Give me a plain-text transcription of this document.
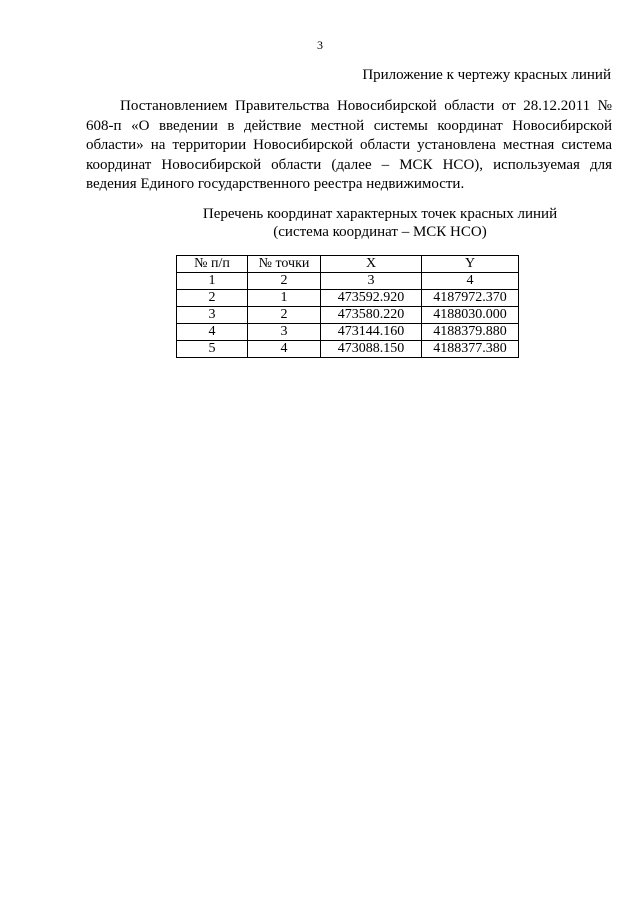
3
Приложение к чертежу красных линий

Постановлением Правительства Новосибирской области от 28.12.2011 № 608-п «О введении в действие местной системы координат Новосибирской области» на территории Новосибирской области установлена местная система координат Новосибирской области (далее – МСК НСО), используемая для ведения Единого государственного реестра недвижимости.

Перечень координат характерных точек красных линий
(система координат – МСК НСО)
№ п/п	№ точки	X	Y
1	2	3	4
2	1	473592.920	4187972.370
3	2	473580.220	4188030.000
4	3	473144.160	4188379.880
5	4	473088.150	4188377.380
